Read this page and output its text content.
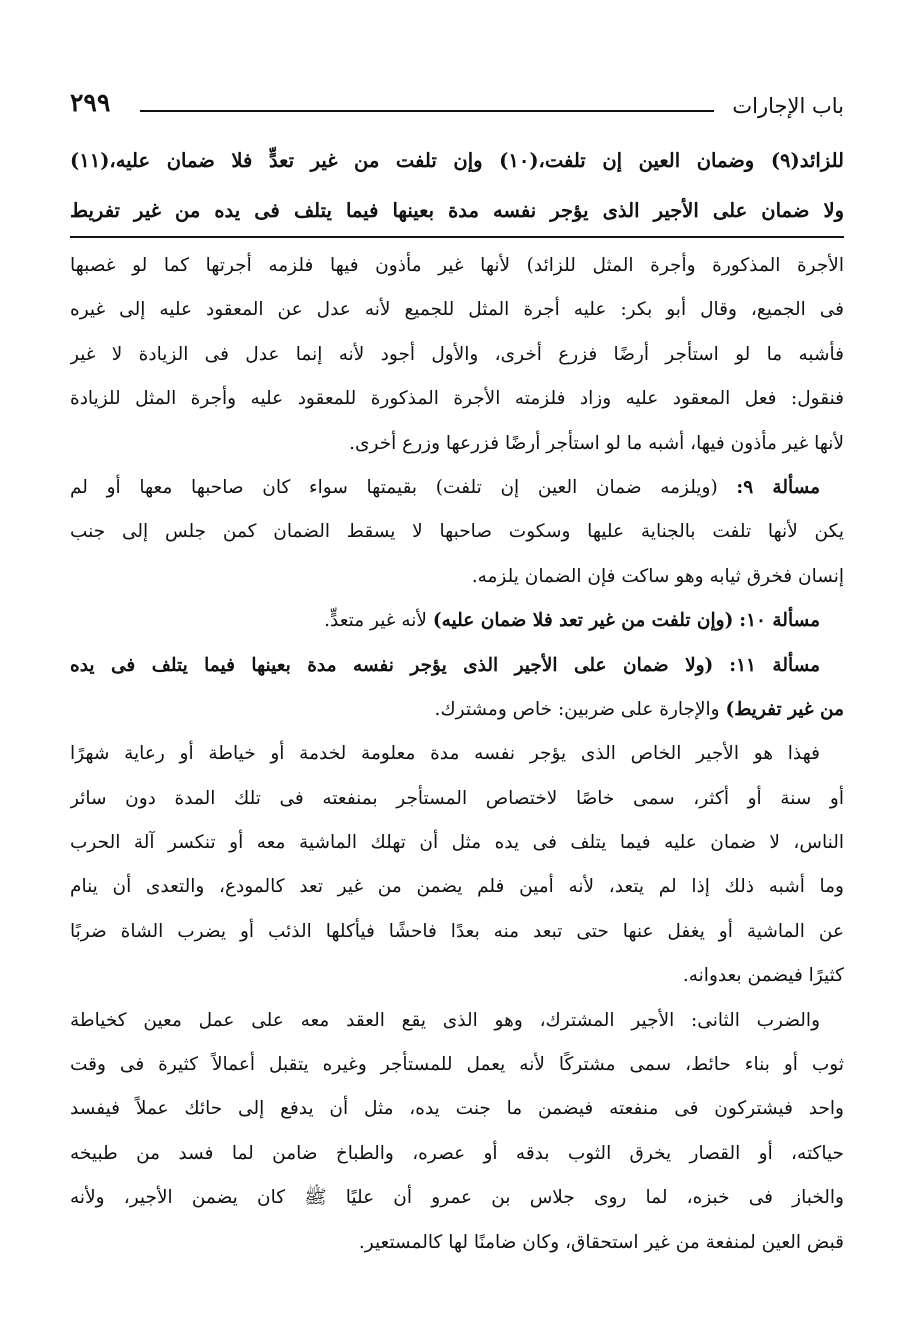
باب الإجارات
٢٩٩

للزائد(٩) وضمان العين إن تلفت،(١٠) وإن تلفت من غير تعدٍّ فلا ضمان عليه،(١١)

ولا ضمان على الأجير الذى يؤجر نفسه مدة بعينها فيما يتلف فى يده من غير تفريط

الأجرة المذكورة وأجرة المثل للزائد) لأنها غير مأذون فيها فلزمه أجرتها كما لو غصبها
فى الجميع، وقال أبو بكر: عليه أجرة المثل للجميع لأنه عدل عن المعقود عليه إلى غيره
فأشبه ما لو استأجر أرضًا فزرع أخرى، والأول أجود لأنه إنما عدل فى الزيادة لا غير
فنقول: فعل المعقود عليه وزاد فلزمته الأجرة المذكورة للمعقود عليه وأجرة المثل للزيادة
لأنها غير مأذون فيها، أشبه ما لو استأجر أرضًا فزرعها وزرع أخرى.
مسألة ٩: (ويلزمه ضمان العين إن تلفت) بقيمتها سواء كان صاحبها معها أو لم
يكن لأنها تلفت بالجناية عليها وسكوت صاحبها لا يسقط الضمان كمن جلس إلى جنب
إنسان فخرق ثيابه وهو ساكت فإن الضمان يلزمه.
مسألة ١٠: (وإن تلفت من غير تعد فلا ضمان عليه) لأنه غير متعدٍّ.
مسألة ١١: (ولا ضمان على الأجير الذى يؤجر نفسه مدة بعينها فيما يتلف فى يده
من غير تفريط) والإجارة على ضربين: خاص ومشترك.
فهذا هو الأجير الخاص الذى يؤجر نفسه مدة معلومة لخدمة أو خياطة أو رعاية شهرًا
أو سنة أو أكثر، سمى خاصًا لاختصاص المستأجر بمنفعته فى تلك المدة دون سائر
الناس، لا ضمان عليه فيما يتلف فى يده مثل أن تهلك الماشية معه أو تنكسر آلة الحرب
وما أشبه ذلك إذا لم يتعد، لأنه أمين فلم يضمن من غير تعد كالمودع، والتعدى أن ينام
عن الماشية أو يغفل عنها حتى تبعد منه بعدًا فاحشًا فيأكلها الذئب أو يضرب الشاة ضربًا
كثيرًا فيضمن بعدوانه.
والضرب الثانى: الأجير المشترك، وهو الذى يقع العقد معه على عمل معين كخياطة
ثوب أو بناء حائط، سمى مشتركًا لأنه يعمل للمستأجر وغيره يتقبل أعمالاً كثيرة فى وقت
واحد فيشتركون فى منفعته فيضمن ما جنت يده، مثل أن يدفع إلى حائك عملاً فيفسد
حياكته، أو القصار يخرق الثوب بدقه أو عصره، والطباخ ضامن لما فسد من طبيخه
والخباز فى خبزه، لما روى جلاس بن عمرو أن عليًا ﷺ كان يضمن الأجير، ولأنه
قبض العين لمنفعة من غير استحقاق، وكان ضامنًا لها كالمستعير.
